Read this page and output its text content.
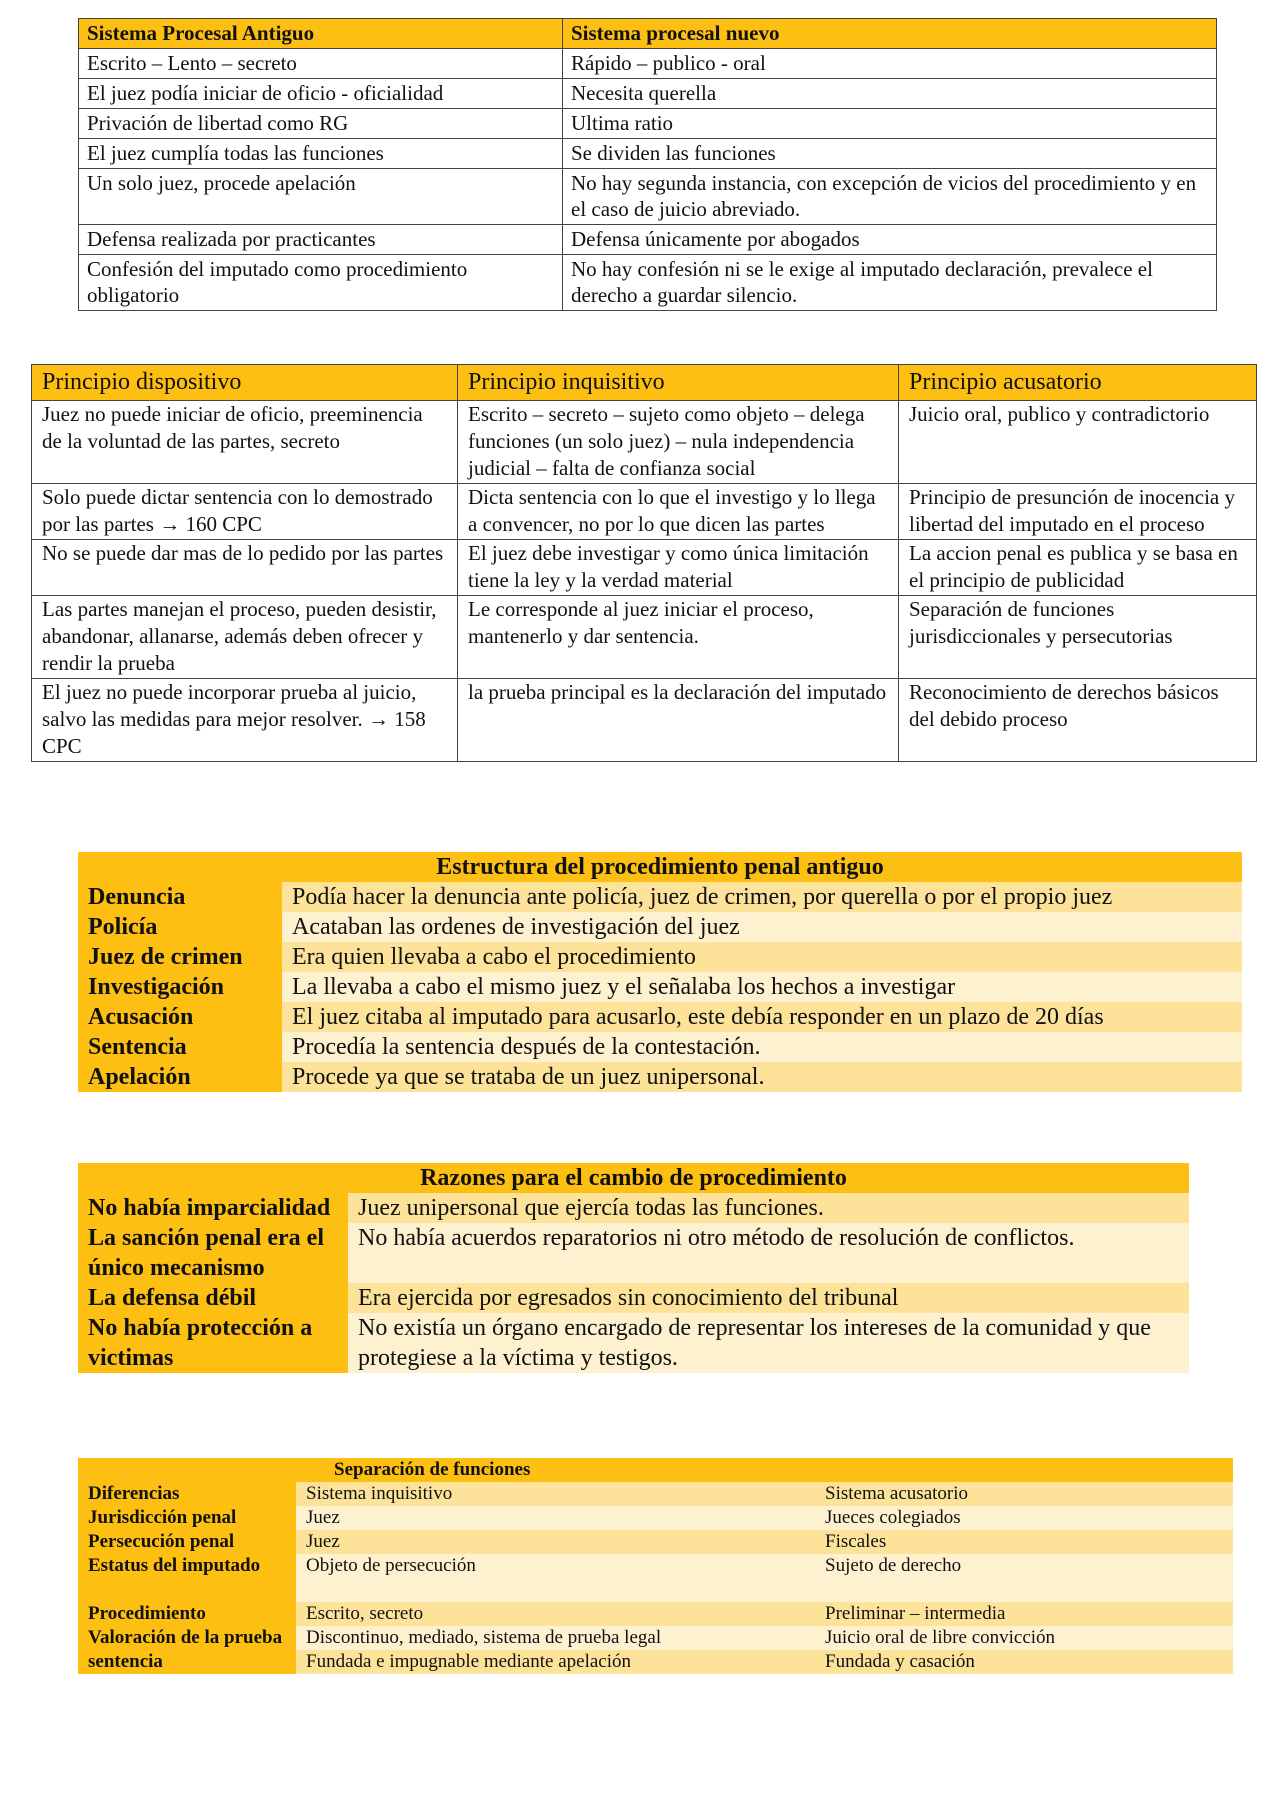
Sistema Procesal Antiguo	Sistema procesal nuevo
Escrito – Lento – secreto	Rápido – publico - oral
El juez podía iniciar de oficio - oficialidad	Necesita querella
Privación de libertad como RG	Ultima ratio
El juez cumplía todas las funciones	Se dividen las funciones
Un solo juez, procede apelación	No hay segunda instancia, con excepción de vicios del procedimiento y en el caso de juicio abreviado.
Defensa realizada por practicantes	Defensa únicamente por abogados
Confesión del imputado como procedimiento obligatorio	No hay confesión ni se le exige al imputado declaración, prevalece el derecho a guardar silencio.
Principio dispositivo	Principio inquisitivo	Principio acusatorio
Juez no puede iniciar de oficio, preeminencia de la voluntad de las partes, secreto	Escrito – secreto – sujeto como objeto – delega funciones (un solo juez) – nula independencia judicial – falta de confianza social	Juicio oral, publico y contradictorio
Solo puede dictar sentencia con lo demostrado por las partes → 160 CPC	Dicta sentencia con lo que el investigo y lo llega a convencer, no por lo que dicen las partes	Principio de presunción de inocencia y libertad del imputado en el proceso
No se puede dar mas de lo pedido por las partes	El juez debe investigar y como única limitación tiene la ley y la verdad material	La accion penal es publica y se basa en el principio de publicidad
Las partes manejan el proceso, pueden desistir, abandonar, allanarse, además deben ofrecer y rendir la prueba	Le corresponde al juez iniciar el proceso, mantenerlo y dar sentencia.	Separación de funciones jurisdiccionales y persecutorias
El juez no puede incorporar prueba al juicio, salvo las medidas para mejor resolver. → 158 CPC	la prueba principal es la declaración del imputado	Reconocimiento de derechos básicos del debido proceso
Estructura del procedimiento penal antiguo	
Denuncia	Podía hacer la denuncia ante policía, juez de crimen, por querella o por el propio juez
Policía	Acataban las ordenes de investigación del juez
Juez de crimen	Era quien llevaba a cabo el procedimiento
Investigación	La llevaba a cabo el mismo juez y el señalaba los hechos a investigar
Acusación	El juez citaba al imputado para acusarlo, este debía responder en un plazo de 20 días
Sentencia	Procedía la sentencia después de la contestación.
Apelación	Procede ya que se trataba de un juez unipersonal.
Razones para el cambio de procedimiento	
No había imparcialidad	Juez unipersonal que ejercía todas las funciones.
La sanción penal era el único mecanismo	No había acuerdos reparatorios ni otro método de resolución de conflictos.
La defensa débil	Era ejercida por egresados sin conocimiento del tribunal
No había protección a victimas	No existía un órgano encargado de representar los intereses de la comunidad y que protegiese a la víctima y testigos.
Separación de funciones		
Diferencias	Sistema inquisitivo	Sistema acusatorio
Jurisdicción penal	Juez	Jueces colegiados
Persecución penal	Juez	Fiscales
Estatus del imputado	Objeto de persecución	Sujeto de derecho
Procedimiento	Escrito, secreto	Preliminar – intermedia
Valoración de la prueba	Discontinuo, mediado, sistema de prueba legal	Juicio oral de libre convicción
sentencia	Fundada e impugnable mediante apelación	Fundada y casación
